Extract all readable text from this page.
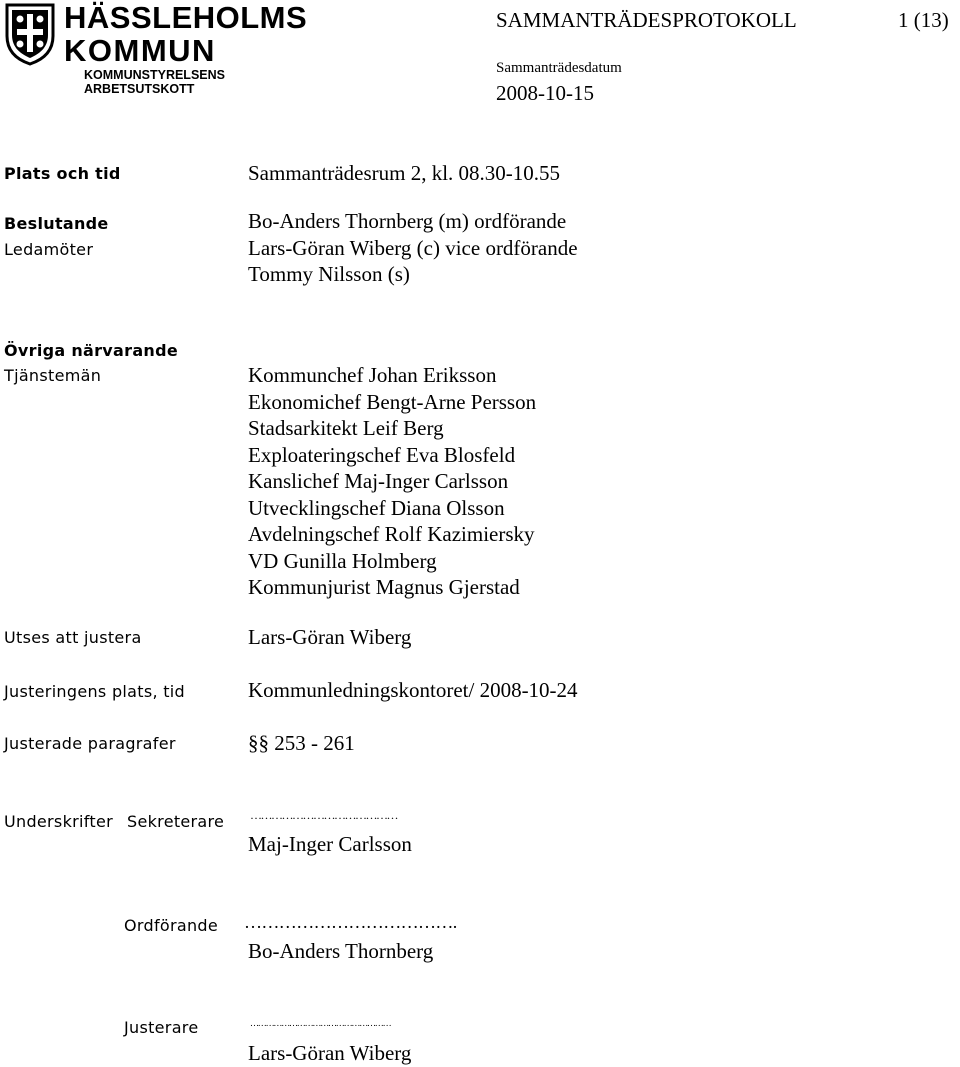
HÄSSLEHOLMS
KOMMUN
KOMMUNSTYRELSENS
ARBETSUTSKOTT
SAMMANTRÄDESPROTOKOLL	1 (13)
Sammanträdesdatum
2008-10-15
Plats och tid	Sammanträdesrum 2, kl. 08.30-10.55
Beslutande
Ledamöter
Bo-Anders Thornberg (m) ordförande
Lars-Göran Wiberg (c) vice ordförande
Tommy Nilsson (s)
Övriga närvarande
Tjänstemän	Kommunchef Johan Eriksson
Ekonomichef Bengt-Arne Persson
Stadsarkitekt Leif Berg
Exploateringschef Eva Blosfeld
Kanslichef Maj-Inger Carlsson
Utvecklingschef Diana Olsson
Avdelningschef Rolf Kazimiersky
VD Gunilla Holmberg
Kommunjurist Magnus Gjerstad
Utses att justera	Lars-Göran Wiberg
Justeringens plats, tid	Kommunledningskontoret/ 2008-10-24
Justerade paragrafer	§§ 253 - 261
Underskrifter Sekreterare ……………………………………
Maj-Inger Carlsson
Ordförande ……………………………….
Bo-Anders Thornberg
Justerare	………………………………………………
Lars-Göran Wiberg
